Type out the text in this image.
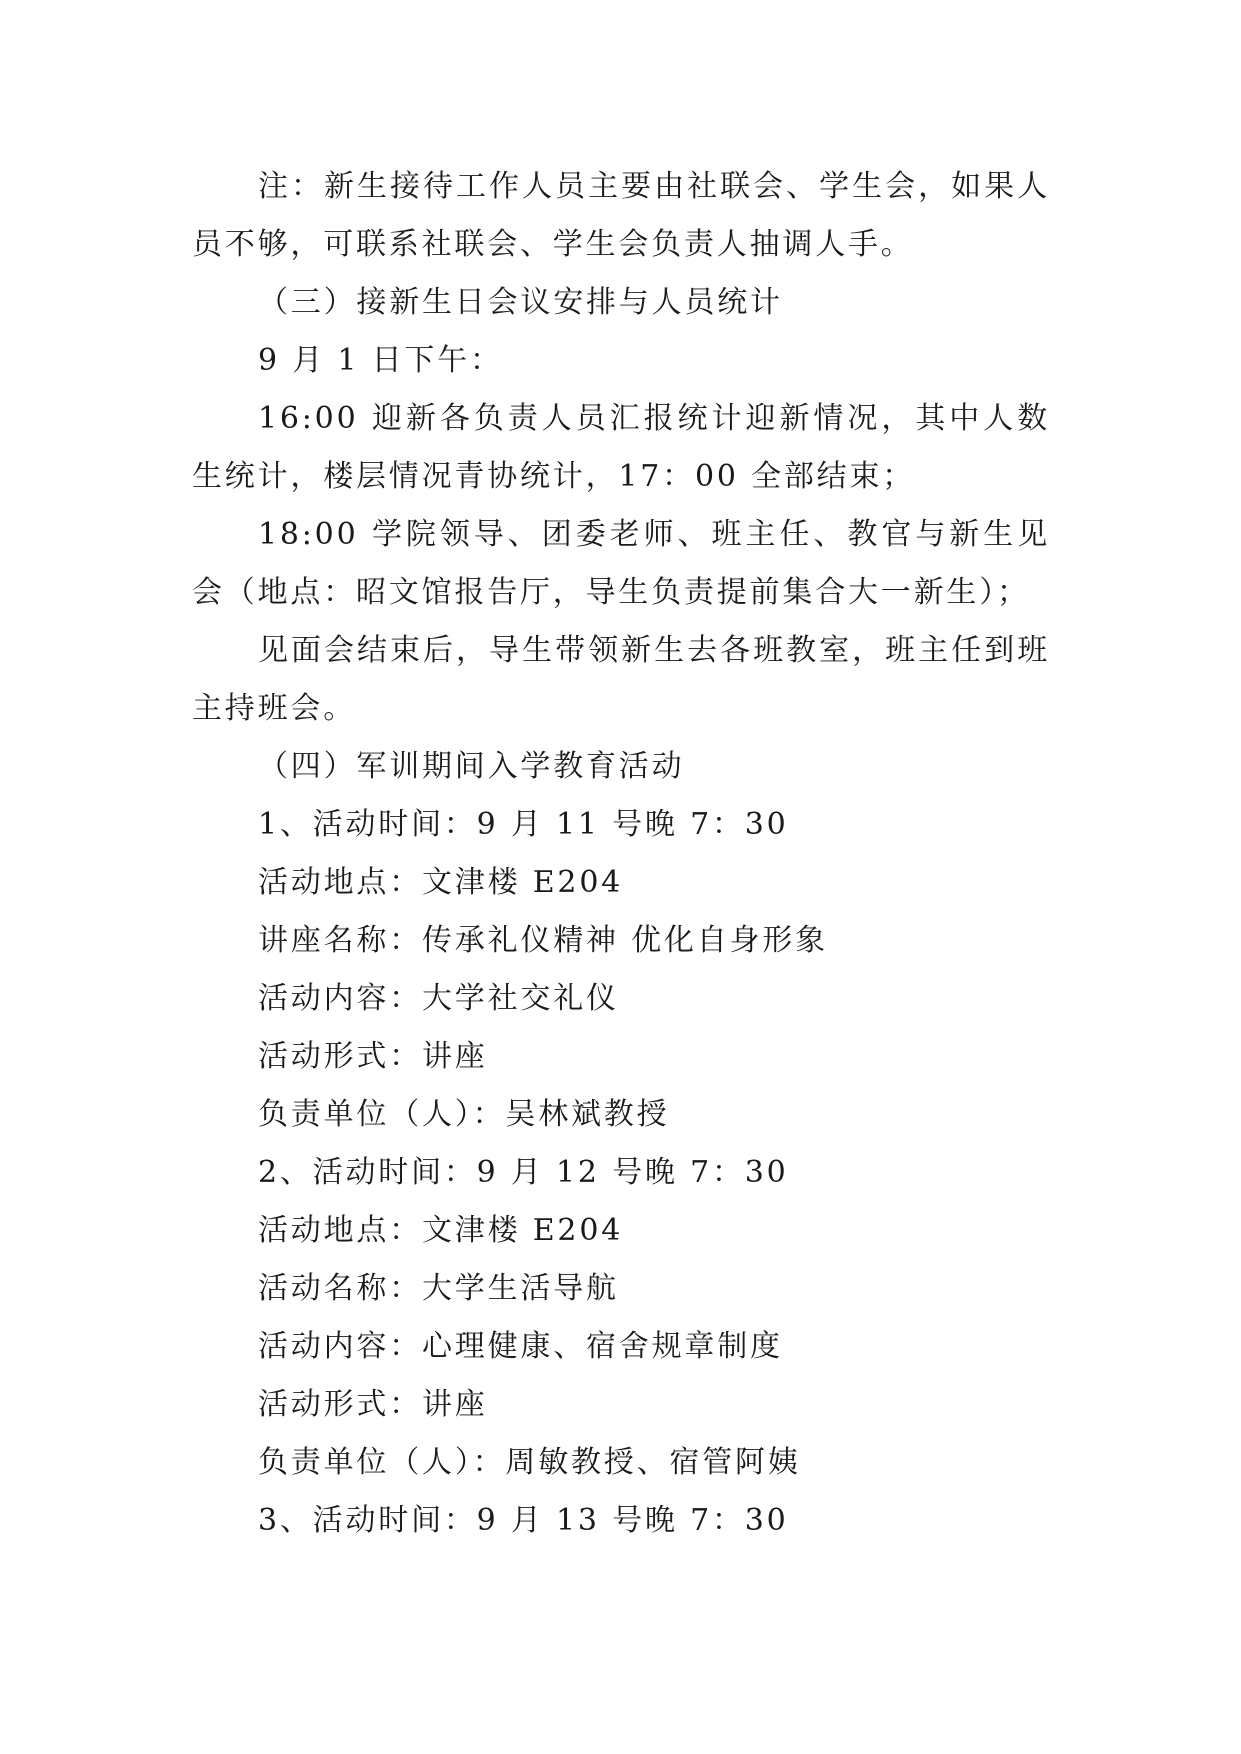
注：新生接待工作人员主要由社联会、学生会，如果人
员不够，可联系社联会、学生会负责人抽调人手。
（三）接新生日会议安排与人员统计
9 月 1 日下午：
16:00 迎新各负责人员汇报统计迎新情况，其中人数
生统计，楼层情况青协统计，17：00 全部结束；
18:00 学院领导、团委老师、班主任、教官与新生见
会（地点：昭文馆报告厅，导生负责提前集合大一新生）；
见面会结束后，导生带领新生去各班教室，班主任到班
主持班会。
（四）军训期间入学教育活动
1、活动时间：9 月 11 号晚 7：30
活动地点：文津楼 E204
讲座名称：传承礼仪精神 优化自身形象
活动内容：大学社交礼仪
活动形式：讲座
负责单位（人）：吴林斌教授
2、活动时间：9 月 12 号晚 7：30
活动地点：文津楼 E204
活动名称：大学生活导航
活动内容：心理健康、宿舍规章制度
活动形式：讲座
负责单位（人）：周敏教授、宿管阿姨
3、活动时间：9 月 13 号晚 7：30
